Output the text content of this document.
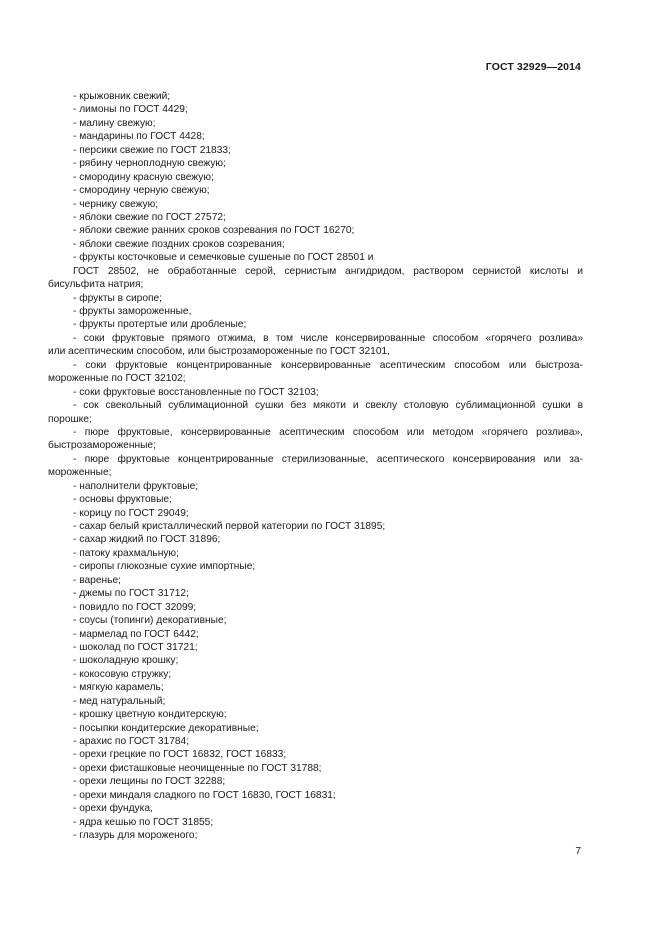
ГОСТ 32929—2014
- крыжовник свежий;
- лимоны по ГОСТ 4429;
- малину свежую;
- мандарины по ГОСТ 4428;
- персики свежие по ГОСТ 21833;
- рябину черноплодную свежую;
- смородину красную свежую;
- смородину черную свежую;
- чернику свежую;
- яблоки свежие по ГОСТ 27572;
- яблоки свежие ранних сроков созревания по ГОСТ 16270;
- яблоки свежие поздних сроков созревания;
- фрукты косточковые и семечковые сушеные по ГОСТ 28501 и
ГОСТ 28502, не обработанные серой, сернистым ангидридом, раствором сернистой кислоты и
бисульфита натрия;
- фрукты в сиропе;
- фрукты замороженные,
- фрукты протертые или дробленые;
- соки фруктовые прямого отжима, в том числе консервированные способом «горячего розлива»
или асептическим способом, или быстрозамороженные по ГОСТ 32101,
- соки фруктовые концентрированные консервированные асептическим способом или быстроза-
мороженные по ГОСТ 32102;
- соки фруктовые восстановленные по ГОСТ 32103;
- сок свекольный сублимационной сушки без мякоти и свеклу столовую сублимационной сушки в
порошке;
- пюре фруктовые, консервированные асептическим способом или методом «горячего розлива»,
быстрозамороженные;
- пюре фруктовые концентрированные стерилизованные, асептического консервирования или за-
мороженные;
- наполнители фруктовые;
- основы фруктовые;
- корицу по ГОСТ 29049;
- сахар белый кристаллический первой категории по ГОСТ 31895;
- сахар жидкий по ГОСТ 31896;
- патоку крахмальную;
- сиропы глюкозные сухие импортные;
- варенье;
- джемы по ГОСТ 31712;
- повидло по ГОСТ 32099;
- соусы (топинги) декоративные;
- мармелад по ГОСТ 6442;
- шоколад по ГОСТ 31721;
- шоколадную крошку;
- кокосовую стружку;
- мягкую карамель;
- мед натуральный;
- крошку цветную кондитерскую;
- посыпки кондитерские декоративные;
- арахис по ГОСТ 31784;
- орехи грецкие по ГОСТ 16832, ГОСТ 16833;
- орехи фисташковые неочищенные по ГОСТ 31788;
- орехи лещины по ГОСТ 32288;
- орехи миндаля сладкого по ГОСТ 16830, ГОСТ 16831;
- орехи фундука,
- ядра кешью по ГОСТ 31855;
- глазурь для мороженого;
7
